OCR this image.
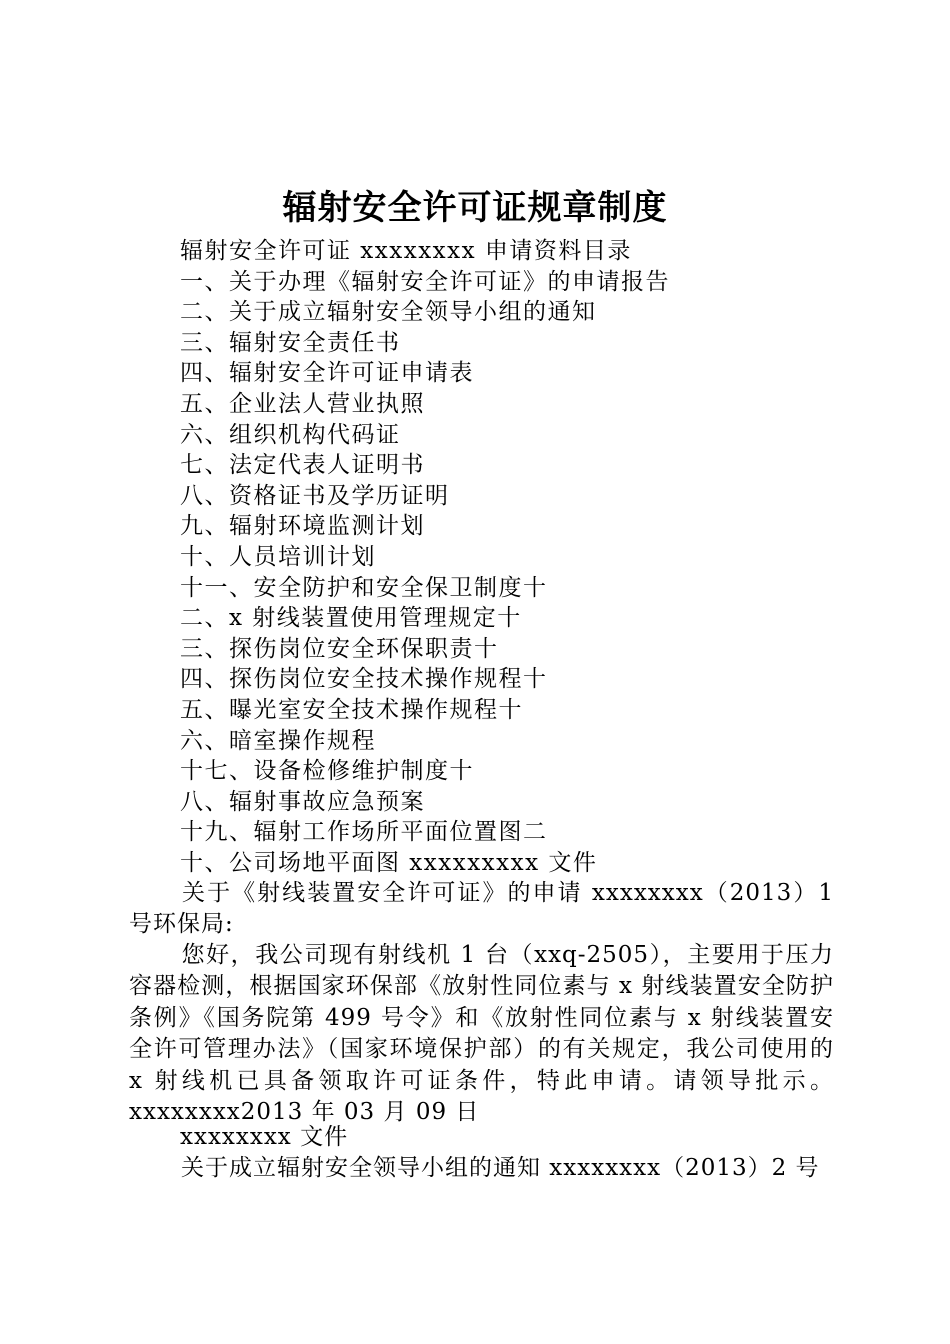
辐射安全许可证规章制度
辐射安全许可证 xxxxxxxx 申请资料目录
一、关于办理《辐射安全许可证》的申请报告
二、关于成立辐射安全领导小组的通知
三、辐射安全责任书
四、辐射安全许可证申请表
五、企业法人营业执照
六、组织机构代码证
七、法定代表人证明书
八、资格证书及学历证明
九、辐射环境监测计划
十、人员培训计划
十一、安全防护和安全保卫制度十
二、x 射线装置使用管理规定十
三、探伤岗位安全环保职责十
四、探伤岗位安全技术操作规程十
五、曝光室安全技术操作规程十
六、暗室操作规程
十七、设备检修维护制度十
八、辐射事故应急预案
十九、辐射工作场所平面位置图二
十、公司场地平面图 xxxxxxxxx 文件
关于《射线装置安全许可证》的申请 xxxxxxxx（2013）1 号环保局:
您好，我公司现有射线机 1 台（xxq-2505），主要用于压力容器检测，根据国家环保部《放射性同位素与 x 射线装置安全防护条例》《国务院第 499 号令》和《放射性同位素与 x 射线装置安全许可管理办法》（国家环境保护部）的有关规定，我公司使用的 x 射线机已具备领取许可证条件，特此申请。请领导批示。xxxxxxxx2013 年 03 月 09 日
xxxxxxxx 文件
关于成立辐射安全领导小组的通知 xxxxxxxx（2013）2 号
